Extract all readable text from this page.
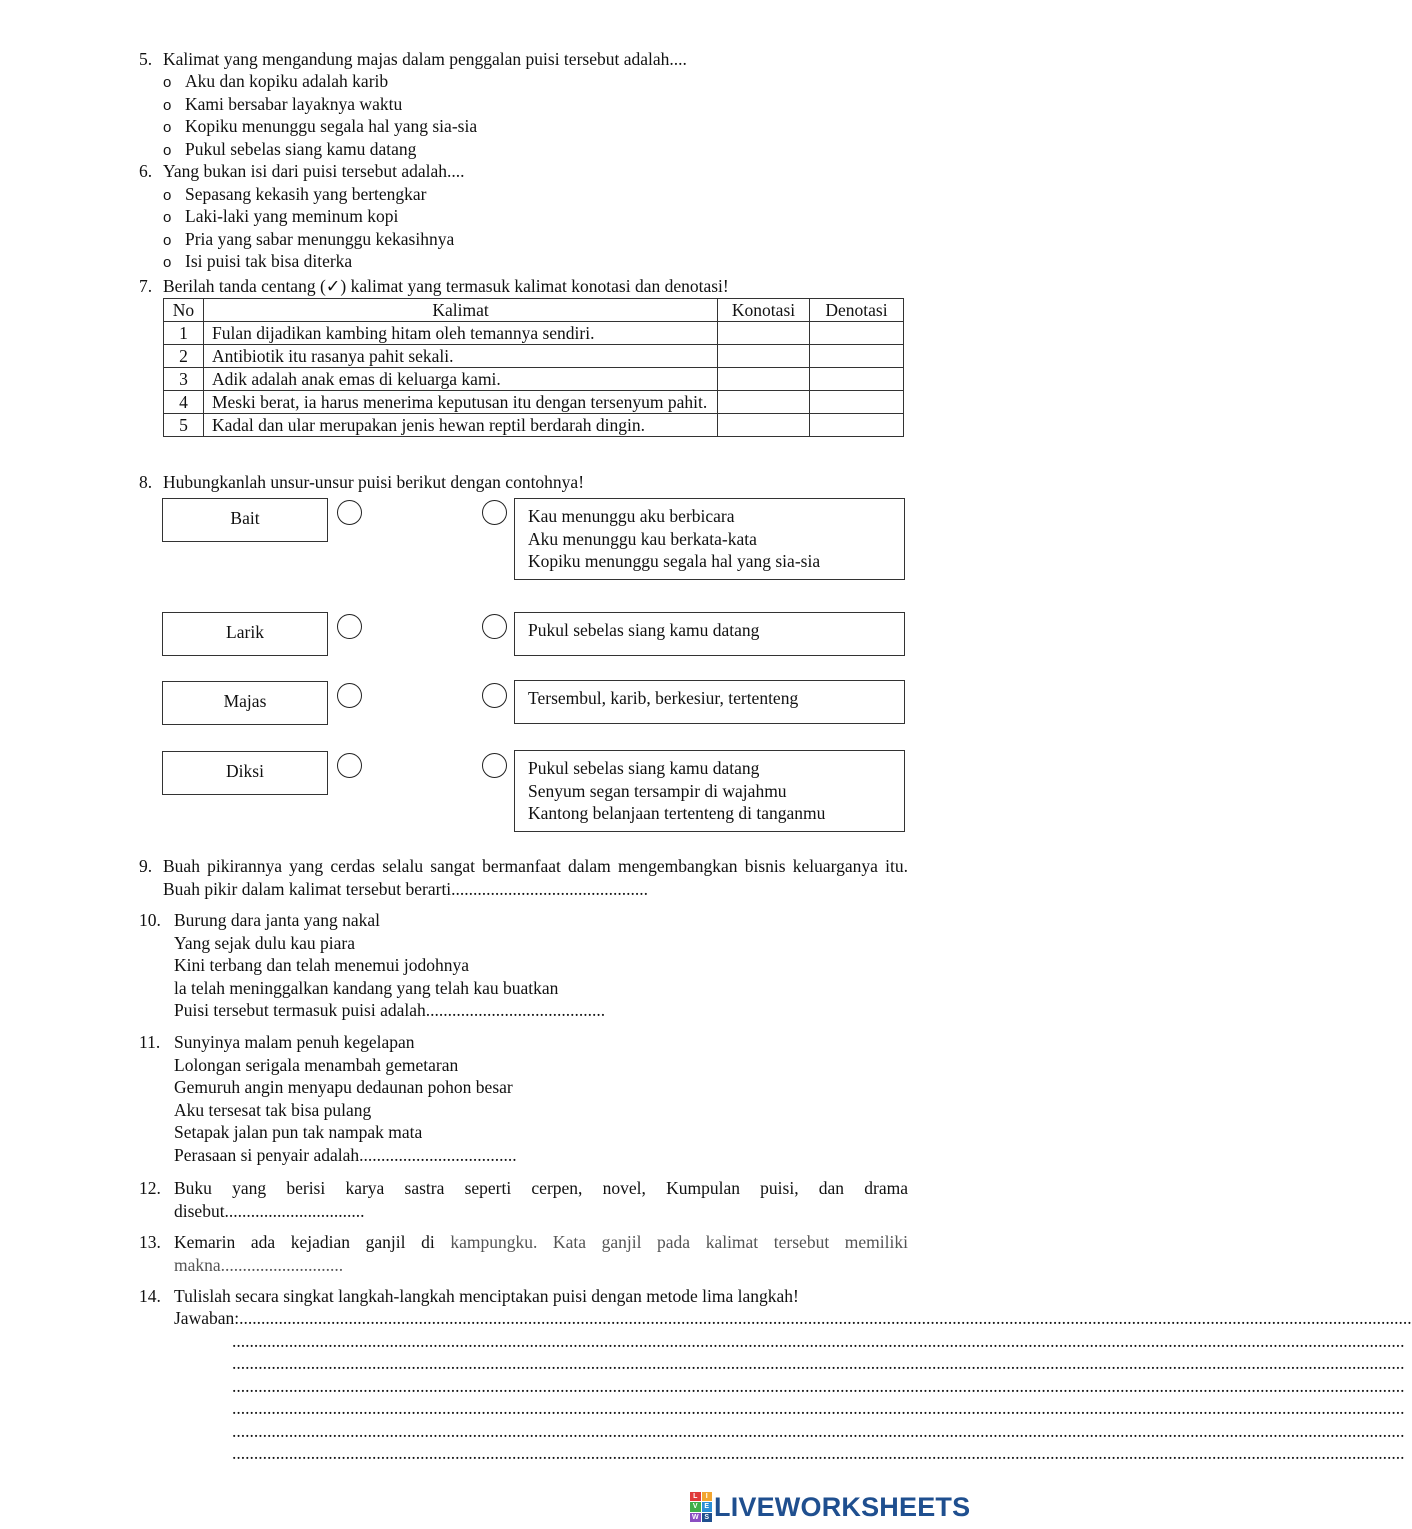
5. Kalimat yang mengandung majas dalam penggalan puisi tersebut adalah....
o Aku dan kopiku adalah karib
o Kami bersabar layaknya waktu
o Kopiku menunggu segala hal yang sia-sia
o Pukul sebelas siang kamu datang
6. Yang bukan isi dari puisi tersebut adalah....
o Sepasang kekasih yang bertengkar
o Laki-laki yang meminum kopi
o Pria yang sabar menunggu kekasihnya
o Isi puisi tak bisa diterka
7. Berilah tanda centang (✓) kalimat yang termasuk kalimat konotasi dan denotasi!
No	Kalimat	Konotasi	Denotasi
1	Fulan dijadikan kambing hitam oleh temannya sendiri.		
2	Antibiotik itu rasanya pahit sekali.		
3	Adik adalah anak emas di keluarga kami.		
4	Meski berat, ia harus menerima keputusan itu dengan tersenyum pahit.		
5	Kadal dan ular merupakan jenis hewan reptil berdarah dingin.		
8. Hubungkanlah unsur-unsur puisi berikut dengan contohnya!
Bait	Kau menunggu aku berbicara
Aku menunggu kau berkata-kata
Kopiku menunggu segala hal yang sia-sia
Larik	Pukul sebelas siang kamu datang
Majas	Tersembul, karib, berkesiur, tertenteng
Diksi	Pukul sebelas siang kamu datang
Senyum segan tersampir di wajahmu
Kantong belanjaan tertenteng di tanganmu
9. Buah pikirannya yang cerdas selalu sangat bermanfaat dalam mengembangkan bisnis keluarganya itu. Buah pikir dalam kalimat tersebut berarti.............................................
10. Burung dara janta yang nakal
Yang sejak dulu kau piara
Kini terbang dan telah menemui jodohnya
la telah meninggalkan kandang yang telah kau buatkan
Puisi tersebut termasuk puisi adalah.........................................
11. Sunyinya malam penuh kegelapan
Lolongan serigala menambah gemetaran
Gemuruh angin menyapu dedaunan pohon besar
Aku tersesat tak bisa pulang
Setapak jalan pun tak nampak mata
Perasaan si penyair adalah....................................
12. Buku yang berisi karya sastra seperti cerpen, novel, Kumpulan puisi, dan drama disebut................................
13. Kemarin ada kejadian ganjil di kampungku. Kata ganjil pada kalimat tersebut memiliki makna............................
14. Tulislah secara singkat langkah-langkah menciptakan puisi dengan metode lima langkah!
Jawaban:............................................................................................................................................................................................................................................................................
............................................................................................................................................................................................................................................................................
............................................................................................................................................................................................................................................................................
............................................................................................................................................................................................................................................................................
............................................................................................................................................................................................................................................................................
............................................................................................................................................................................................................................................................................
............................................................................................................................................................................................................................................................................
L	I
V E
W S LIVEWORKSHEETS
